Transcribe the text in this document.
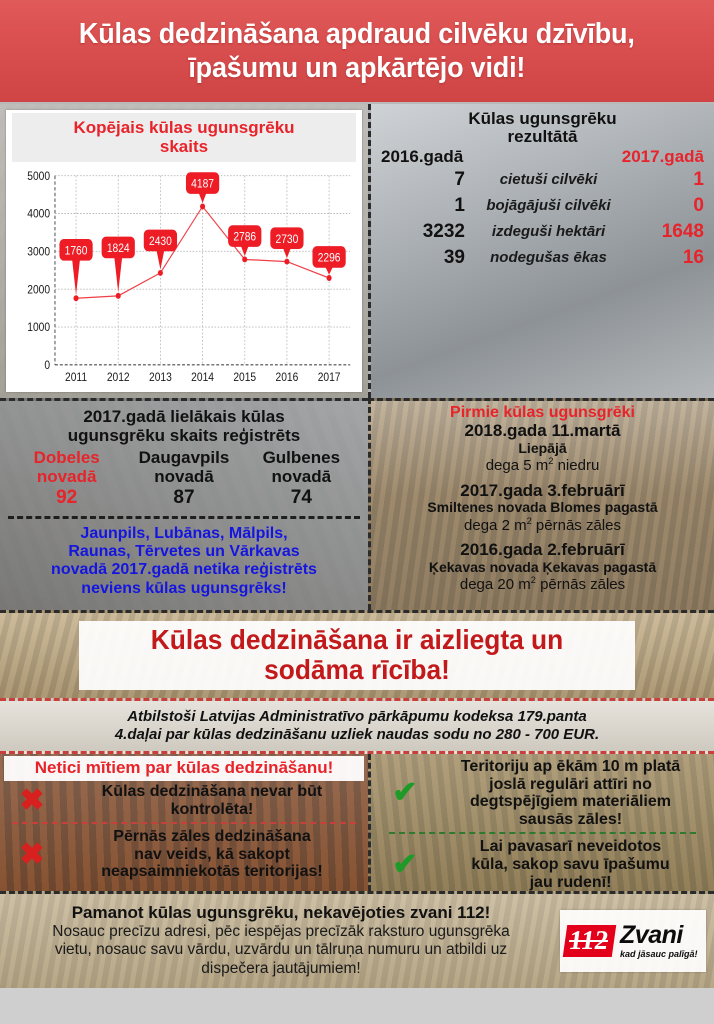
Kūlas dedzināšana apdraud cilvēku dzīvību,
īpašumu un apkārtējo vidi!
Kopējais kūlas ugunsgrēku
skaits
0
1000
2000
3000
4000
5000
2011 2012 2013 2014 2015 2016 2017
1760 1824
2430
4187
2786 2730
2296
Kūlas ugunsgrēku
rezultātā
2016.gadā	2017.gadā
7	cietuši cilvēki	1
1	bojāgājuši cilvēki	0
3232	izdeguši hektāri	1648
39	nodegušas ēkas	16
2017.gadā lielākais kūlas
ugunsgrēku skaits reģistrēts
Dobeles
novadā
92
Daugavpils
novadā
87
Gulbenes
novadā
74
Jaunpils, Lubānas, Mālpils,
Raunas, Tērvetes un Vārkavas
novadā 2017.gadā netika reģistrēts
neviens kūlas ugunsgrēks!
Pirmie kūlas ugunsgrēki
2018.gada 11.martā
Liepājā
dega 5 $m^2$ niedru
2017.gada 3.februārī
Smiltenes novada Blomes pagastā
dega 2 $m^2$ pērnās zāles
2016.gada 2.februārī
Ķekavas novada Ķekavas pagastā
dega 20 $m^2$ pērnās zāles
Kūlas dedzināšana ir aizliegta un
sodāma rīcība!

Atbilstoši Latvijas Administratīvo pārkāpumu kodeksa 179.panta
4.daļai par kūlas dedzināšanu uzliek naudas sodu no 280 - 700 EUR.

Netici mītiem par kūlas dedzināšanu!
✖	Kūlas dedzināšana nevar būt
kontrolēta!
✖
Pērnās zāles dedzināšana
nav veids, kā sakopt
neapsaimniekotās teritorijas!
✔
Teritoriju ap ēkām 10 m platā
joslā regulāri attīri no
degtspējīgiem materiāliem
sausās zāles!
✔
Lai pavasarī neveidotos
kūla, sakop savu īpašumu
jau rudenī!
Pamanot kūlas ugunsgrēku, nekavējoties zvani 112!
Nosauc precīzu adresi, pēc iespējas precīzāk raksturo ugunsgrēka
vietu, nosauc savu vārdu, uzvārdu un tālruņa numuru un atbildi uz
dispečera jautājumiem!
112 Zvani
kad jāsauc palīgā!
